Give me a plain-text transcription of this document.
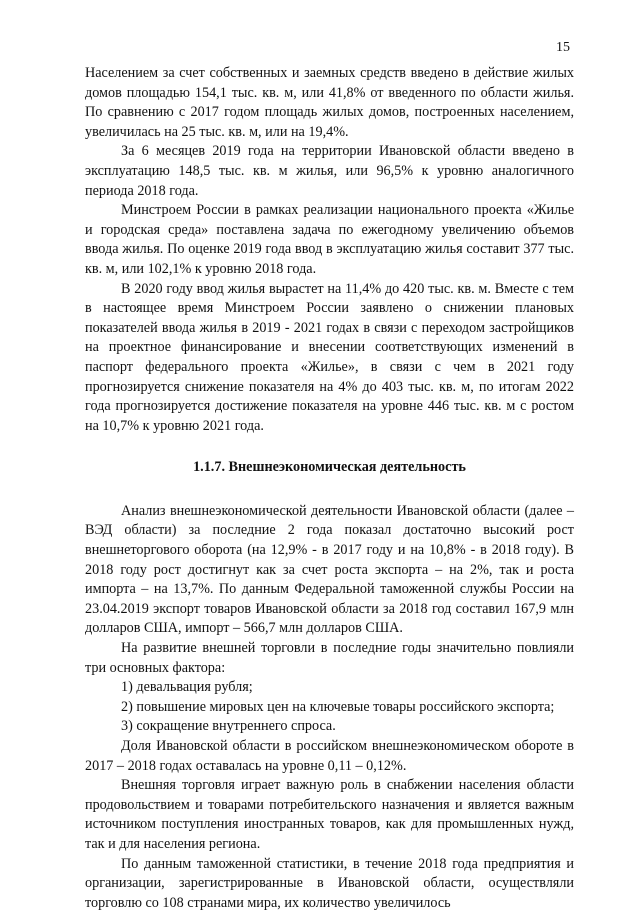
15

Населением за счет собственных и заемных средств введено в действие жилых домов площадью 154,1 тыс. кв. м, или 41,8% от введенного по области жилья. По сравнению с 2017 годом площадь жилых домов, построенных населением, увеличилась на 25 тыс. кв. м, или на 19,4%.

За 6 месяцев 2019 года на территории Ивановской области введено в эксплуатацию 148,5 тыс. кв. м жилья, или 96,5% к уровню аналогичного периода 2018 года.

Минстроем России в рамках реализации национального проекта «Жилье и городская среда» поставлена задача по ежегодному увеличению объемов ввода жилья. По оценке 2019 года ввод в эксплуатацию жилья составит 377 тыс. кв. м, или 102,1% к уровню 2018 года.

В 2020 году ввод жилья вырастет на 11,4% до 420 тыс. кв. м. Вместе с тем в настоящее время Минстроем России заявлено о снижении плановых показателей ввода жилья в 2019 - 2021 годах в связи с переходом застройщиков на проектное финансирование и внесении соответствующих изменений в паспорт федерального проекта «Жилье», в связи с чем в 2021 году прогнозируется снижение показателя на 4% до 403 тыс. кв. м, по итогам 2022 года прогнозируется достижение показателя на уровне 446 тыс. кв. м с ростом на 10,7% к уровню 2021 года.

1.1.7. Внешнеэкономическая деятельность

Анализ внешнеэкономической деятельности Ивановской области (далее – ВЭД области) за последние 2 года показал достаточно высокий рост внешнеторгового оборота (на 12,9% - в 2017 году и на 10,8% - в 2018 году). В 2018 году рост достигнут как за счет роста экспорта – на 2%, так и роста импорта – на 13,7%. По данным Федеральной таможенной службы России на 23.04.2019 экспорт товаров Ивановской области за 2018 год составил 167,9 млн долларов США, импорт – 566,7 млн долларов США.

На развитие внешней торговли в последние годы значительно повлияли три основных фактора:

1) девальвация рубля;

2) повышение мировых цен на ключевые товары российского экспорта;

3) сокращение внутреннего спроса.

Доля Ивановской области в российском внешнеэкономическом обороте в 2017 – 2018 годах оставалась на уровне 0,11 – 0,12%.

Внешняя торговля играет важную роль в снабжении населения области продовольствием и товарами потребительского назначения и является важным источником поступления иностранных товаров, как для промышленных нужд, так и для населения региона.

По данным таможенной статистики, в течение 2018 года предприятия и организации, зарегистрированные в Ивановской области, осуществляли торговлю со 108 странами мира, их количество увеличилось
